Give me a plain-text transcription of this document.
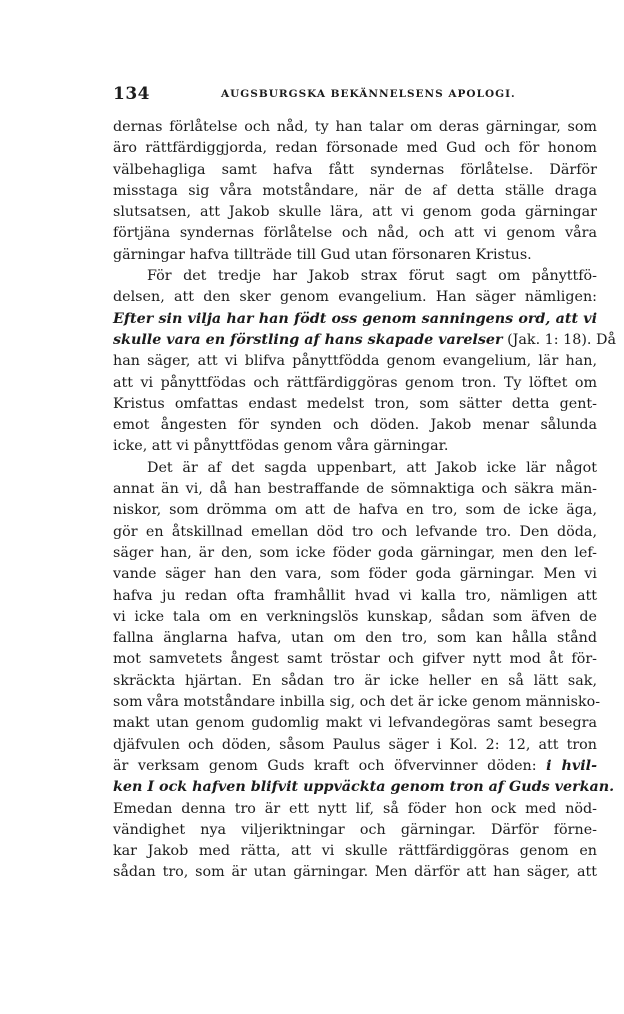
134	AUGSBURGSKA BEKÄNNELSENS APOLOGI.
dernas förlåtelse och nåd, ty han talar om deras gärningar, som
äro rättfärdiggjorda, redan försonade med Gud och för honom
välbehagliga samt hafva fått syndernas förlåtelse. Därför
misstaga sig våra motståndare, när de af detta ställe draga
slutsatsen, att Jakob skulle lära, att vi genom goda gärningar
förtjäna syndernas förlåtelse och nåd, och att vi genom våra
gärningar hafva tillträde till Gud utan försonaren Kristus.
För det tredje har Jakob strax förut sagt om pånyttfö-
delsen, att den sker genom evangelium. Han säger nämligen:
Efter sin vilja har han födt oss genom sanningens ord, att vi
skulle vara en förstling af hans skapade varelser (Jak. 1: 18). Då
han säger, att vi blifva pånyttfödda genom evangelium, lär han,
att vi pånyttfödas och rättfärdiggöras genom tron. Ty löftet om
Kristus omfattas endast medelst tron, som sätter detta gent-
emot ångesten för synden och döden. Jakob menar sålunda
icke, att vi pånyttfödas genom våra gärningar.
Det är af det sagda uppenbart, att Jakob icke lär något
annat än vi, då han bestraffande de sömnaktiga och säkra män-
niskor, som drömma om att de hafva en tro, som de icke äga,
gör en åtskillnad emellan död tro och lefvande tro. Den döda,
säger han, är den, som icke föder goda gärningar, men den lef-
vande säger han den vara, som föder goda gärningar. Men vi
hafva ju redan ofta framhållit hvad vi kalla tro, nämligen att
vi icke tala om en verkningslös kunskap, sådan som äfven de
fallna änglarna hafva, utan om den tro, som kan hålla stånd
mot samvetets ångest samt tröstar och gifver nytt mod åt för-
skräckta hjärtan. En sådan tro är icke heller en så lätt sak,
som våra motståndare inbilla sig, och det är icke genom människo-
makt utan genom gudomlig makt vi lefvandegöras samt besegra
djäfvulen och döden, såsom Paulus säger i Kol. 2: 12, att tron
är verksam genom Guds kraft och öfvervinner döden: i hvil-
ken I ock hafven blifvit uppväckta genom tron af Guds verkan.
Emedan denna tro är ett nytt lif, så föder hon ock med nöd-
vändighet nya viljeriktningar och gärningar. Därför förne-
kar Jakob med rätta, att vi skulle rättfärdiggöras genom en
sådan tro, som är utan gärningar. Men därför att han säger, att
